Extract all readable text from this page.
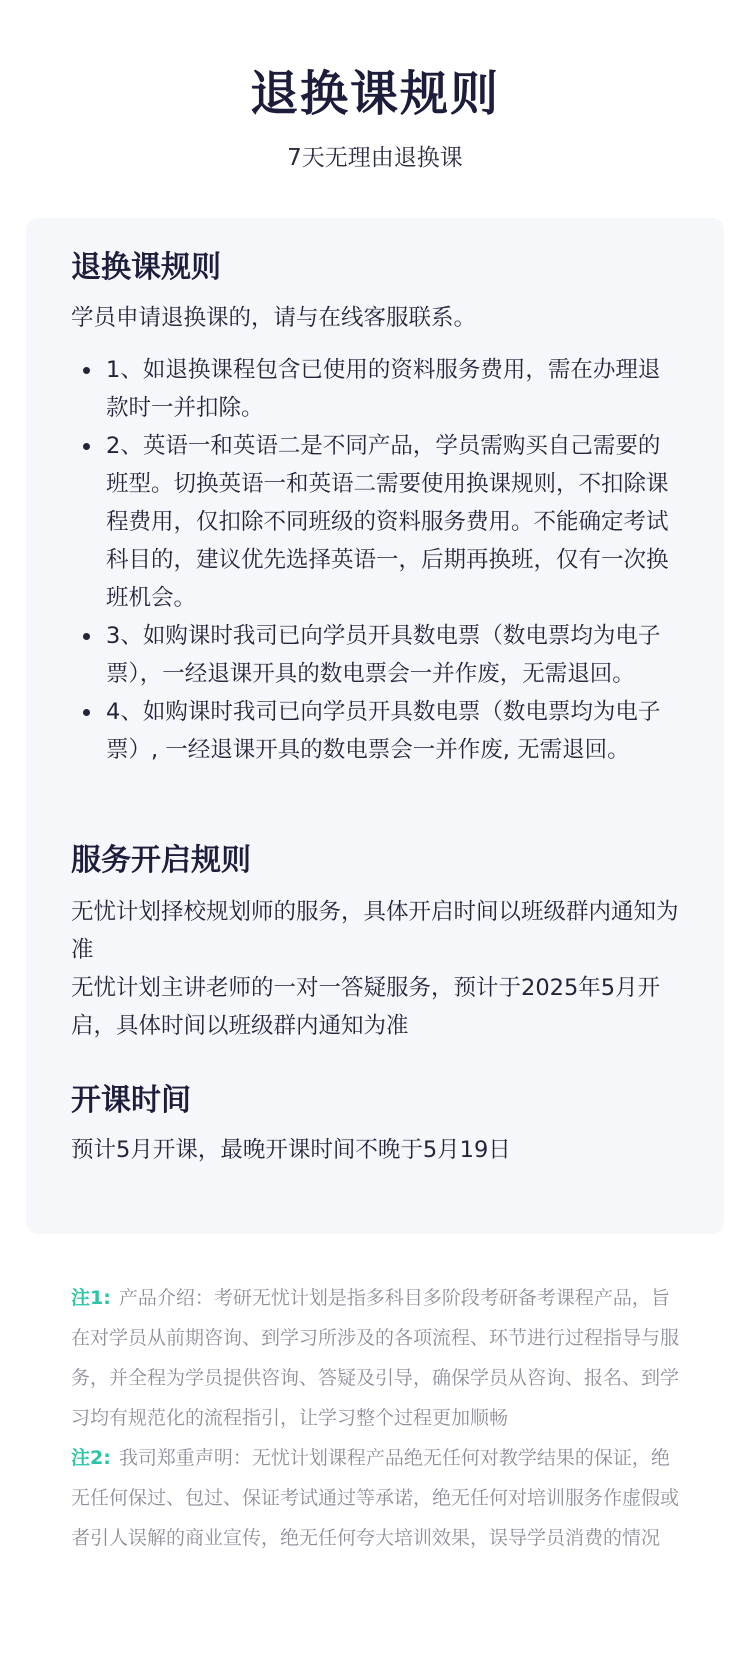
退换课规则
7天无理由退换课
退换课规则

学员申请退换课的，请与在线客服联系。

1、如退换课程包含已使用的资料服务费用，需在办理退款时一并扣除。
2、英语一和英语二是不同产品，学员需购买自己需要的班型。切换英语一和英语二需要使用换课规则，不扣除课程费用，仅扣除不同班级的资料服务费用。不能确定考试科目的，建议优先选择英语一，后期再换班，仅有一次换班机会。
3、如购课时我司已向学员开具数电票（数电票均为电子票），一经退课开具的数电票会一并作废，无需退回。
4、如购课时我司已向学员开具数电票（数电票均为电子票）, 一经退课开具的数电票会一并作废, 无需退回。
服务开启规则

无忧计划择校规划师的服务，具体开启时间以班级群内通知为准

无忧计划主讲老师的一对一答疑服务，预计于2025年5月开启，具体时间以班级群内通知为准

开课时间

预计5月开课，最晚开课时间不晚于5月19日

注1: 产品介绍：考研无忧计划是指多科目多阶段考研备考课程产品，旨在对学员从前期咨询、到学习所涉及的各项流程、环节进行过程指导与服务，并全程为学员提供咨询、答疑及引导，确保学员从咨询、报名、到学习均有规范化的流程指引，让学习整个过程更加顺畅

注2: 我司郑重声明：无忧计划课程产品绝无任何对教学结果的保证，绝无任何保过、包过、保证考试通过等承诺，绝无任何对培训服务作虚假或者引人误解的商业宣传，绝无任何夸大培训效果，误导学员消费的情况
